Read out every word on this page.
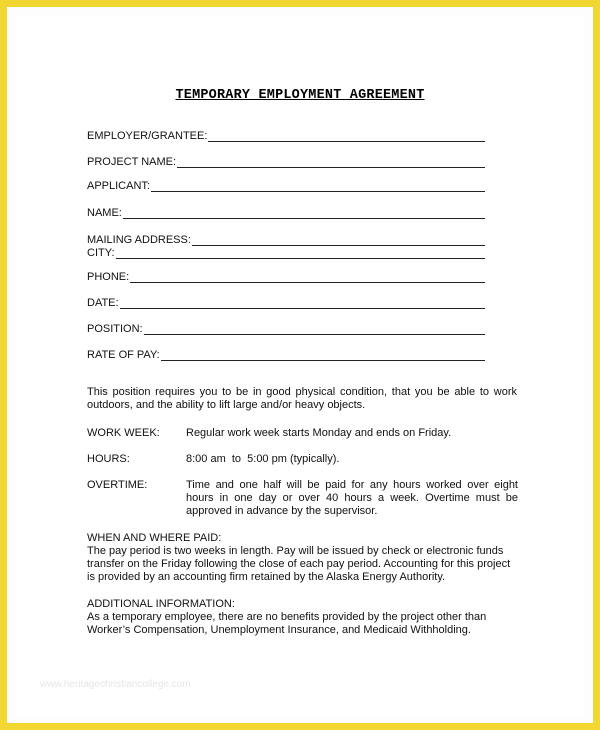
TEMPORARY EMPLOYMENT AGREEMENT
EMPLOYER/GRANTEE:
PROJECT NAME:
APPLICANT:
NAME:
MAILING ADDRESS:
CITY:
PHONE:
DATE:
POSITION:
RATE OF PAY:
This position requires you to be in good physical condition, that you be able to work outdoors, and the ability to lift large and/or heavy objects.
WORK WEEK:	Regular work week starts Monday and ends on Friday.
HOURS:	8:00 am  to  5:00 pm (typically).
OVERTIME:	Time and one half will be paid for any hours worked over eight hours in one day or over 40 hours a week. Overtime must be approved in advance by the supervisor.
WHEN AND WHERE PAID:
The pay period is two weeks in length. Pay will be issued by check or electronic funds transfer on the Friday following the close of each pay period. Accounting for this project is provided by an accounting firm retained by the Alaska Energy Authority.
ADDITIONAL INFORMATION:
As a temporary employee, there are no benefits provided by the project other than Worker’s Compensation, Unemployment Insurance, and Medicaid Withholding.
www.heritagechristiancollege.com
